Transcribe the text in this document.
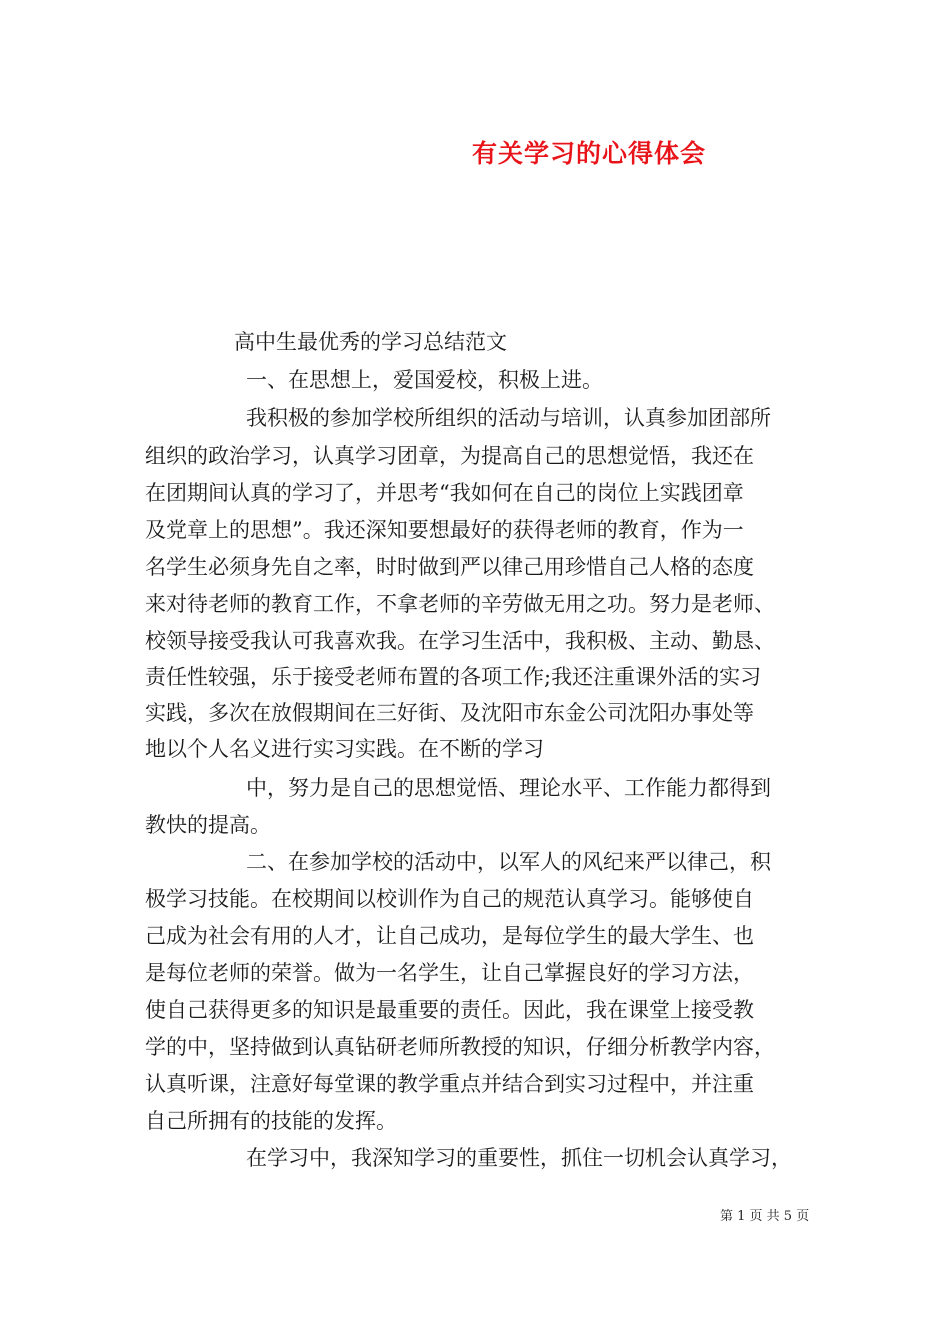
有关学习的心得体会
高中生最优秀的学习总结范文
一、在思想上，爱国爱校，积极上进。
我积极的参加学校所组织的活动与培训，认真参加团部所
组织的政治学习，认真学习团章，为提高自己的思想觉悟，我还在
在团期间认真的学习了，并思考“我如何在自己的岗位上实践团章
及党章上的思想”。我还深知要想最好的获得老师的教育，作为一
名学生必须身先自之率，时时做到严以律己用珍惜自己人格的态度
来对待老师的教育工作，不拿老师的辛劳做无用之功。努力是老师、
校领导接受我认可我喜欢我。在学习生活中，我积极、主动、勤恳、
责任性较强，乐于接受老师布置的各项工作;我还注重课外活的实习
实践，多次在放假期间在三好街、及沈阳市东金公司沈阳办事处等
地以个人名义进行实习实践。在不断的学习
中，努力是自己的思想觉悟、理论水平、工作能力都得到
教快的提高。
二、在参加学校的活动中，以军人的风纪来严以律己，积
极学习技能。在校期间以校训作为自己的规范认真学习。能够使自
己成为社会有用的人才，让自己成功，是每位学生的最大学生、也
是每位老师的荣誉。做为一名学生，让自己掌握良好的学习方法，
使自己获得更多的知识是最重要的责任。因此，我在课堂上接受教
学的中，坚持做到认真钻研老师所教授的知识，仔细分析教学内容，
认真听课，注意好每堂课的教学重点并结合到实习过程中，并注重
自己所拥有的技能的发挥。
在学习中，我深知学习的重要性，抓住一切机会认真学习，
第 1 页 共 5 页
